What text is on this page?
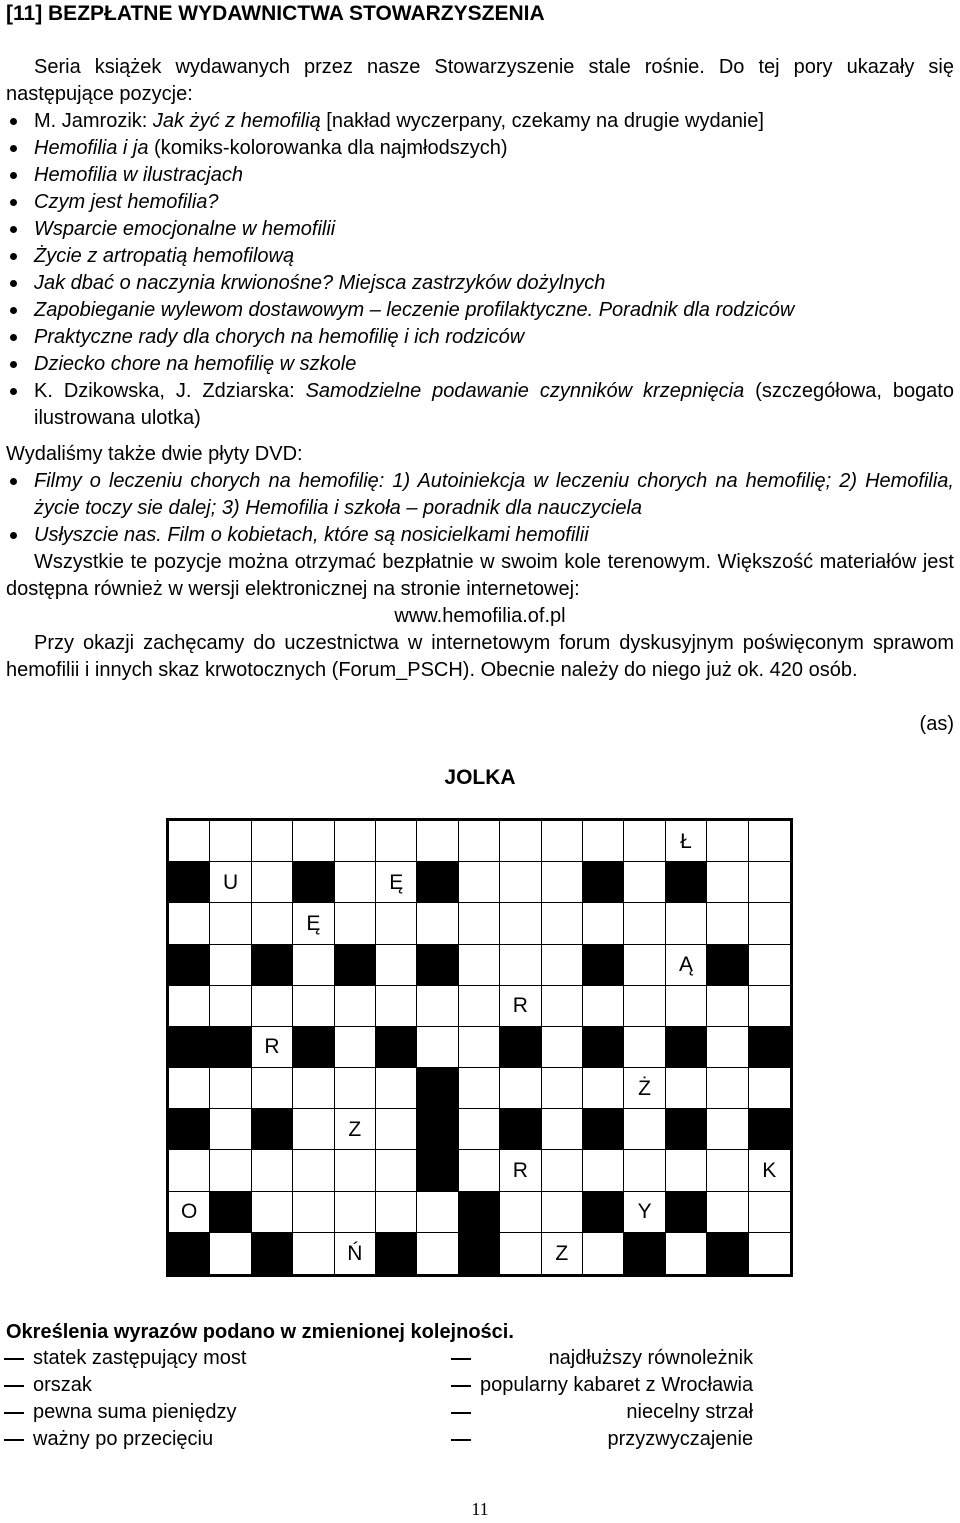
[11] BEZPŁATNE WYDAWNICTWA STOWARZYSZENIA
Seria książek wydawanych przez nasze Stowarzyszenie stale rośnie. Do tej pory ukazały się następujące pozycje:
M. Jamrozik: Jak żyć z hemofilią [nakład wyczerpany, czekamy na drugie wydanie]
Hemofilia i ja (komiks-kolorowanka dla najmłodszych)
Hemofilia w ilustracjach
Czym jest hemofilia?
Wsparcie emocjonalne w hemofilii
Życie z artropatią hemofilową
Jak dbać o naczynia krwionośne? Miejsca zastrzyków dożylnych
Zapobieganie wylewom dostawowym – leczenie profilaktyczne. Poradnik dla rodziców
Praktyczne rady dla chorych na hemofilię i ich rodziców
Dziecko chore na hemofilię w szkole
K. Dzikowska, J. Zdziarska: Samodzielne podawanie czynników krzepnięcia (szczegółowa, bogato ilustrowana ulotka)
Wydaliśmy także dwie płyty DVD:
Filmy o leczeniu chorych na hemofilię: 1) Autoiniekcja w leczeniu chorych na hemofilię; 2) Hemofilia, życie toczy sie dalej; 3) Hemofilia i szkoła – poradnik dla nauczyciela
Usłyszcie nas. Film o kobietach, które są nosicielkami hemofilii
Wszystkie te pozycje można otrzymać bezpłatnie w swoim kole terenowym. Większość materiałów jest dostępna również w wersji elektronicznej na stronie internetowej:
www.hemofilia.of.pl
Przy okazji zachęcamy do uczestnictwa w internetowym forum dyskusyjnym poświęconym sprawom hemofilii i innych skaz krwotocznych (Forum_PSCH). Obecnie należy do niego już ok. 420 osób.
(as)
JOLKA
Ł
U	Ę
Ę
Ą
R
R
Ż
Z
R	K
O	Y
Ń	Z
Określenia wyrazów podano w zmienionej kolejności.
statek zastępujący most
orszak
pewna suma pieniędzy
ważny po przecięciu
najdłuższy równoleżnik
popularny kabaret z Wrocławia
niecelny strzał
przyzwyczajenie
11
